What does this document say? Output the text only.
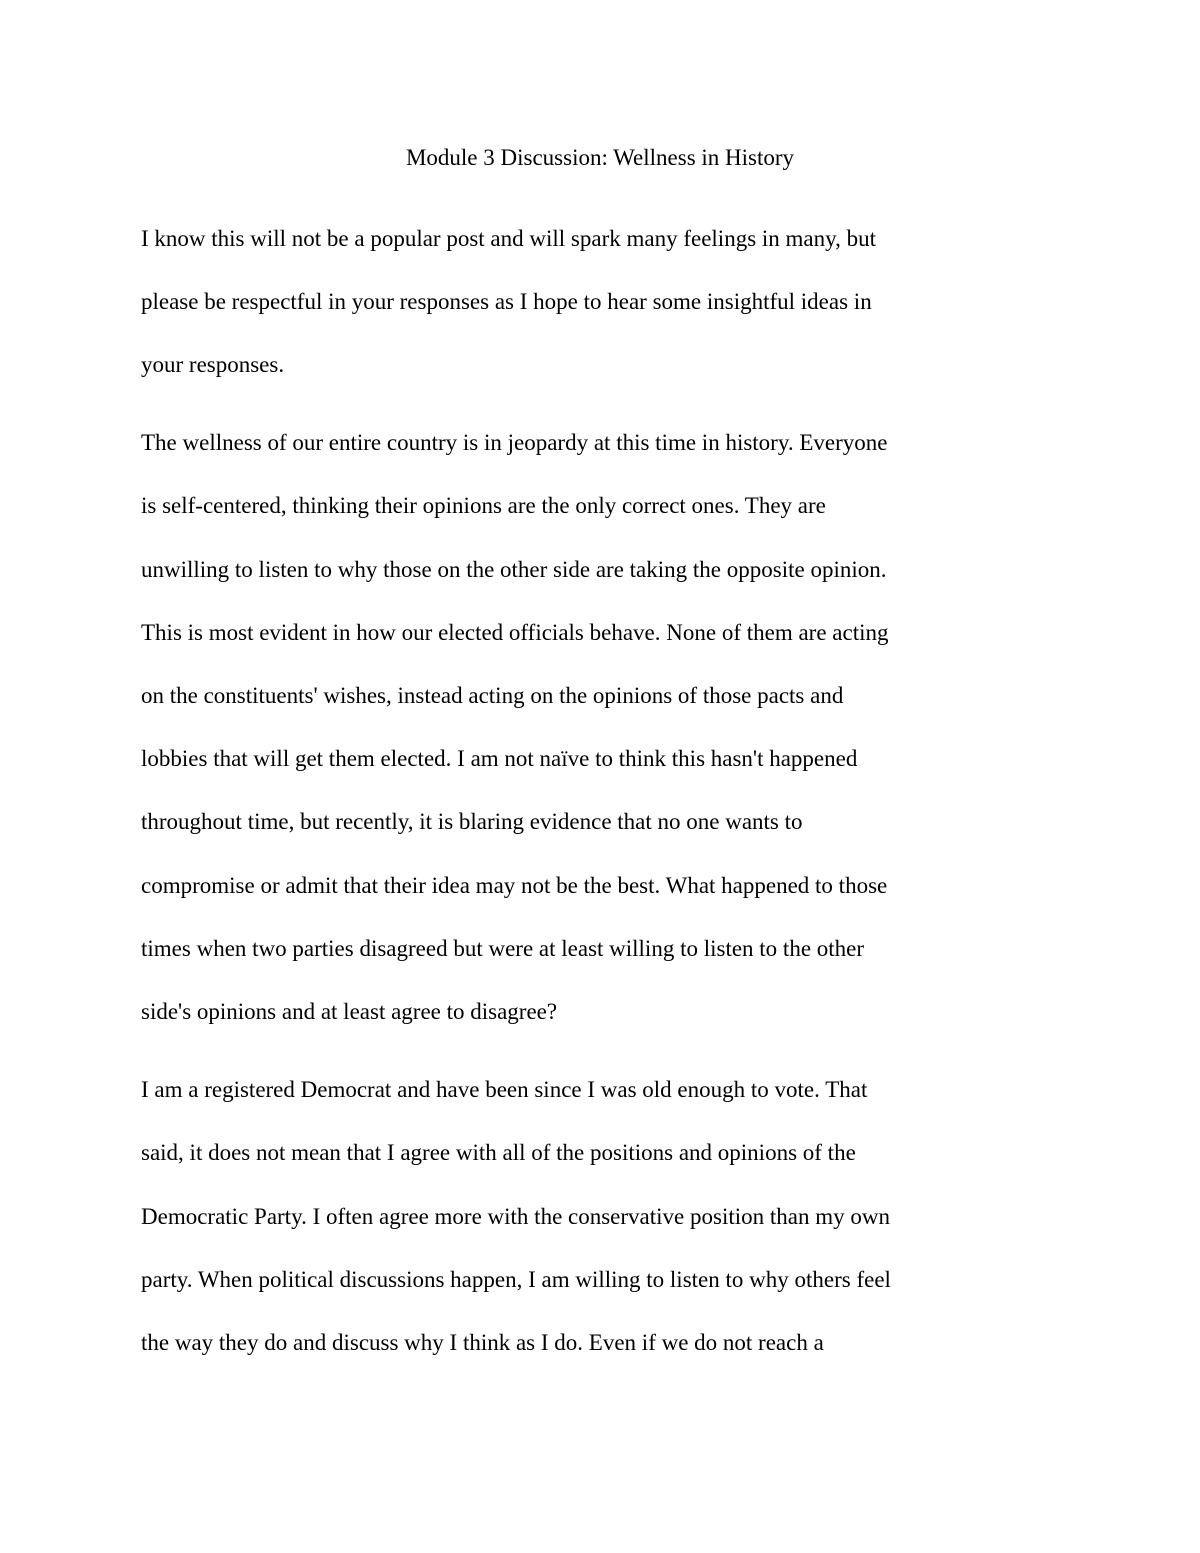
Module 3 Discussion: Wellness in History
I know this will not be a popular post and will spark many feelings in many, but
please be respectful in your responses as I hope to hear some insightful ideas in
your responses.
The wellness of our entire country is in jeopardy at this time in history. Everyone
is self-centered, thinking their opinions are the only correct ones. They are
unwilling to listen to why those on the other side are taking the opposite opinion.
This is most evident in how our elected officials behave. None of them are acting
on the constituents' wishes, instead acting on the opinions of those pacts and
lobbies that will get them elected. I am not naïve to think this hasn't happened
throughout time, but recently, it is blaring evidence that no one wants to
compromise or admit that their idea may not be the best. What happened to those
times when two parties disagreed but were at least willing to listen to the other
side's opinions and at least agree to disagree?
I am a registered Democrat and have been since I was old enough to vote. That
said, it does not mean that I agree with all of the positions and opinions of the
Democratic Party. I often agree more with the conservative position than my own
party. When political discussions happen, I am willing to listen to why others feel
the way they do and discuss why I think as I do. Even if we do not reach a
